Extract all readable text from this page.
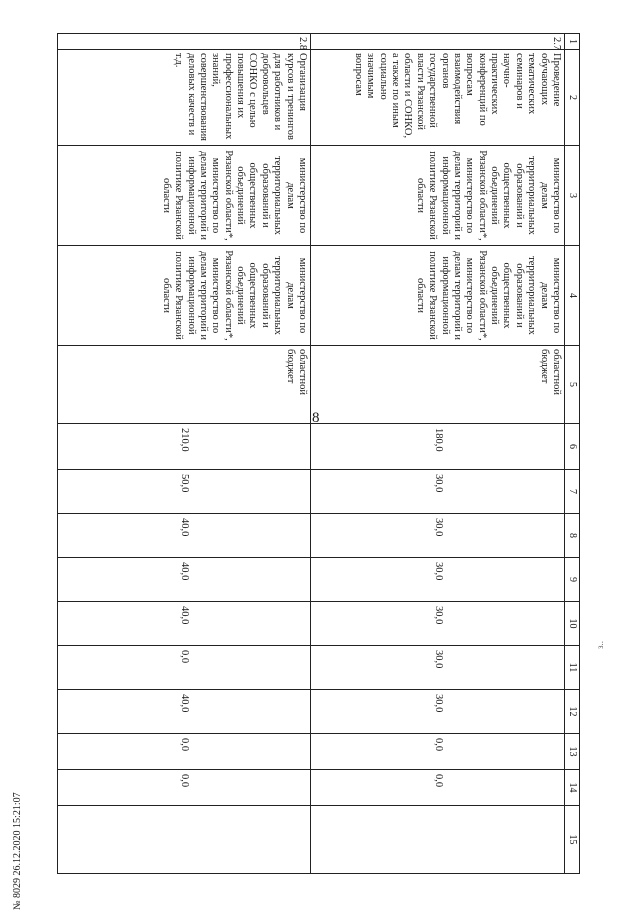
8
1	2	3	4	5	6	7	8	9	10	11	12	13	14	15
2.7	Проведение обучающих тематических семинаров и научно-практических конференций по вопросам взаимодействия органов государственной власти Рязанской области и СОНКО, а также по иным социально значимым вопросам	министерство по делам территориальных образований и общественных объединений Рязанской области*, министерство по делам территорий и информационной политике Рязанской области	министерство по делам территориальных образований и общественных объединений Рязанской области*, министерство по делам территорий и информационной политике Рязанской области	областной бюджет	180,0	30,0	30,0	30,0	30,0	30,0	30,0	0,0	0,0	
2.8	Организация курсов и тренингов для работников и добровольцев СОНКО с целью повышения их профессиональных знаний, совершенствования деловых качеств и т.д.	министерство по делам территориальных образований и общественных объединений Рязанской области*, министерство по делам территорий и информационной политике Рязанской области	министерство по делам территориальных образований и общественных объединений Рязанской области*, министерство по делам территорий и информационной политике Рязанской области	областной бюджет	210,0	50,0	40,0	40,0	40,0	0,0	40,0	0,0	0,0	
№ 8029 26.12.2020 15:21:07
з..
